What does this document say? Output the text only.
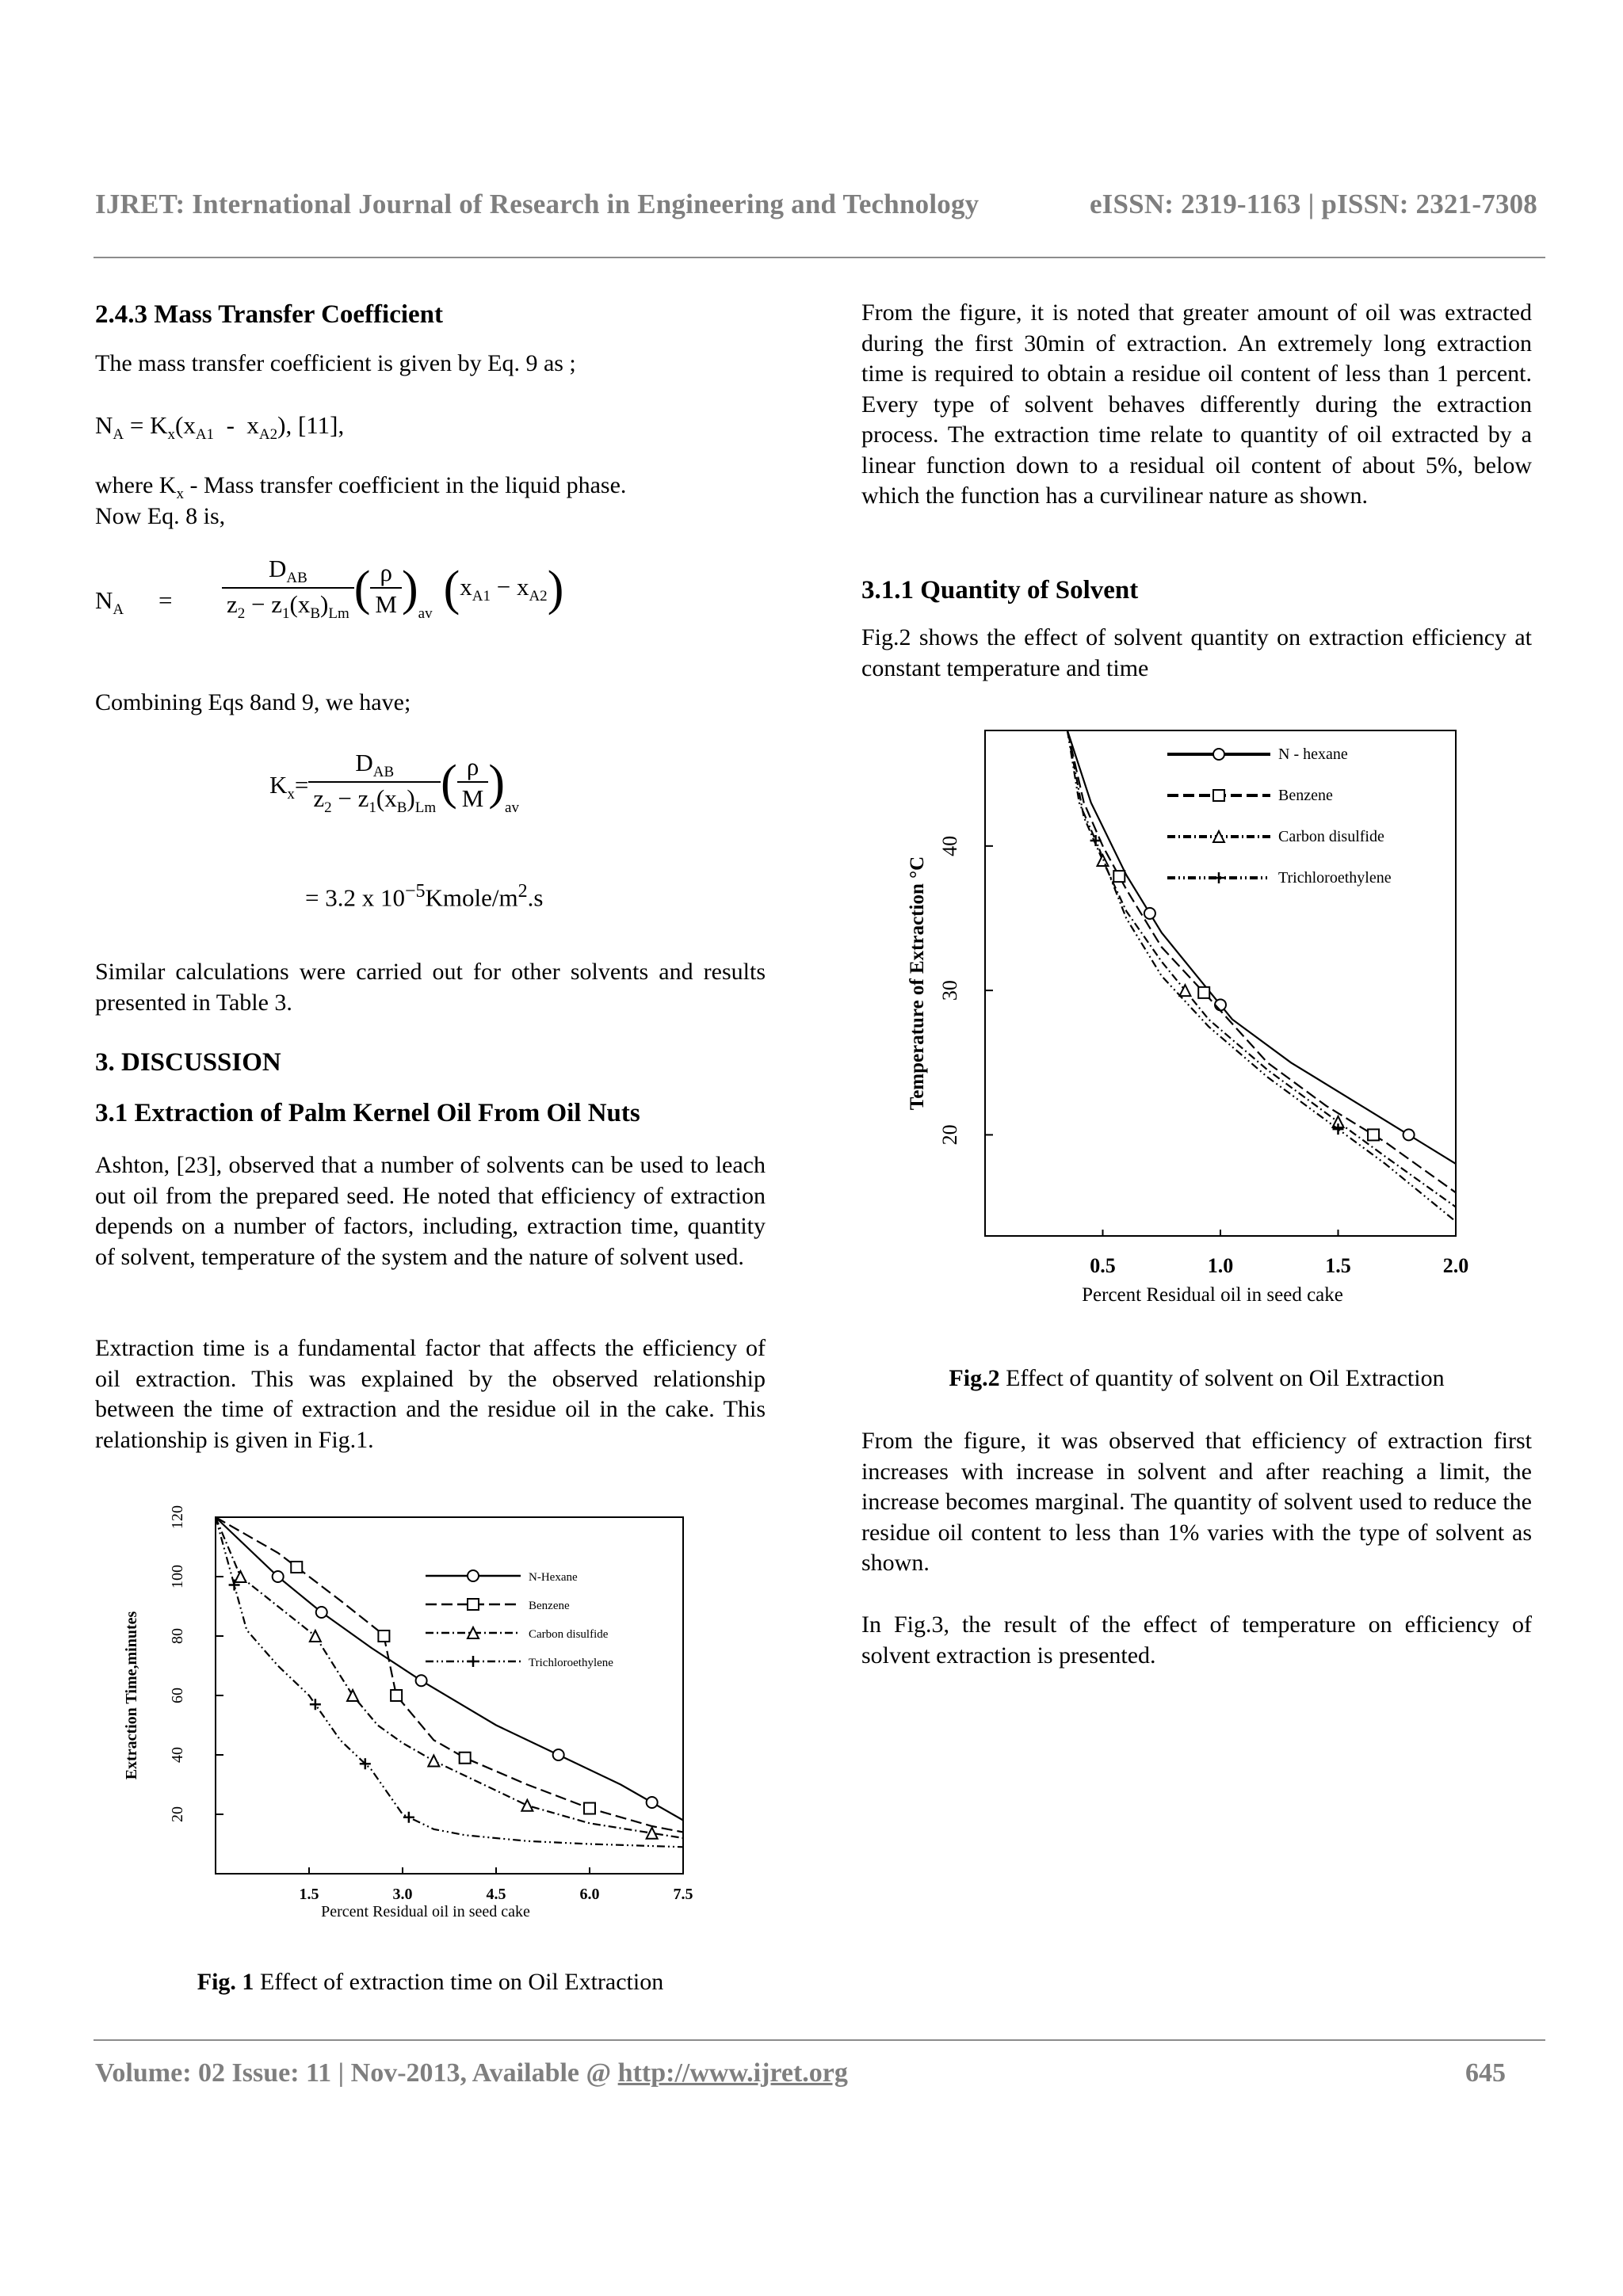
IJRET: International Journal of Research in Engineering and Technology	eISSN: 2319-1163 | pISSN: 2321-7308
2.4.3 Mass Transfer Coefficient
The mass transfer coefficient is given by Eq. 9 as ;
$N_A = K_x(x_{A1} - x_{A2})$, [11],
where $K_x$ - Mass transfer coefficient in the liquid phase.
Now Eq. 8 is,
$N_A = \frac{D_{AB}}{z_2 - z_1(x_B)_{Lm}}$ ( $\frac{\rho}{M} )_{av}$ ( $x_{A1} - x_{A2}$ )
Combining Eqs 8and 9, we have;
$K_x= \frac{D_{AB}}{z_2 - z_1(x_B)_{Lm}}$ ( $\frac{\rho}{M} )_{av}$
= 3.2 x $10^{-5}Kmole/m^2.s$
Similar calculations were carried out for other solvents and results presented in Table 3.
3. DISCUSSION
3.1 Extraction of Palm Kernel Oil From Oil Nuts
Ashton, [23], observed that a number of solvents can be used to leach out oil from the prepared seed. He noted that efficiency of extraction depends on a number of factors, including, extraction time, quantity of solvent, temperature of the system and the nature of solvent used.
Extraction time is a fundamental factor that affects the efficiency of oil extraction. This was explained by the observed relationship between the time of extraction and the residue oil in the cake. This relationship is given in Fig.1.
1.5	3.0	4.5	6.0	7.5
20
40
60
80
100
120
Percent Residual oil in seed cake
Extraction Time,minutes
N-Hexane
Benzene
Carbon disulfide
Trichloroethylene
Fig. 1 Effect of extraction time on Oil Extraction
From the figure, it is noted that greater amount of oil was extracted during the first 30min of extraction. An extremely long extraction time is required to obtain a residue oil content of less than 1 percent. Every type of solvent behaves differently during the extraction process. The extraction time relate to quantity of oil extracted by a linear function down to a residual oil content of about 5%, below which the function has a curvilinear nature as shown.
3.1.1 Quantity of Solvent
Fig.2 shows the effect of solvent quantity on extraction efficiency at constant temperature and time
0.5	1.0	1.5	2.0
20
30
40
Percent Residual oil in seed cake
Temperature of Extraction °C
N - hexane
Benzene
Carbon disulfide
Trichloroethylene
Fig.2 Effect of quantity of solvent on Oil Extraction
From the figure, it was observed that efficiency of extraction first increases with increase in solvent and after reaching a limit, the increase becomes marginal. The quantity of solvent used to reduce the residue oil content to less than 1% varies with the type of solvent as shown.
In Fig.3, the result of the effect of temperature on efficiency of solvent extraction is presented.
Volume: 02 Issue: 11 | Nov-2013, Available @ http://www.ijret.org	645
